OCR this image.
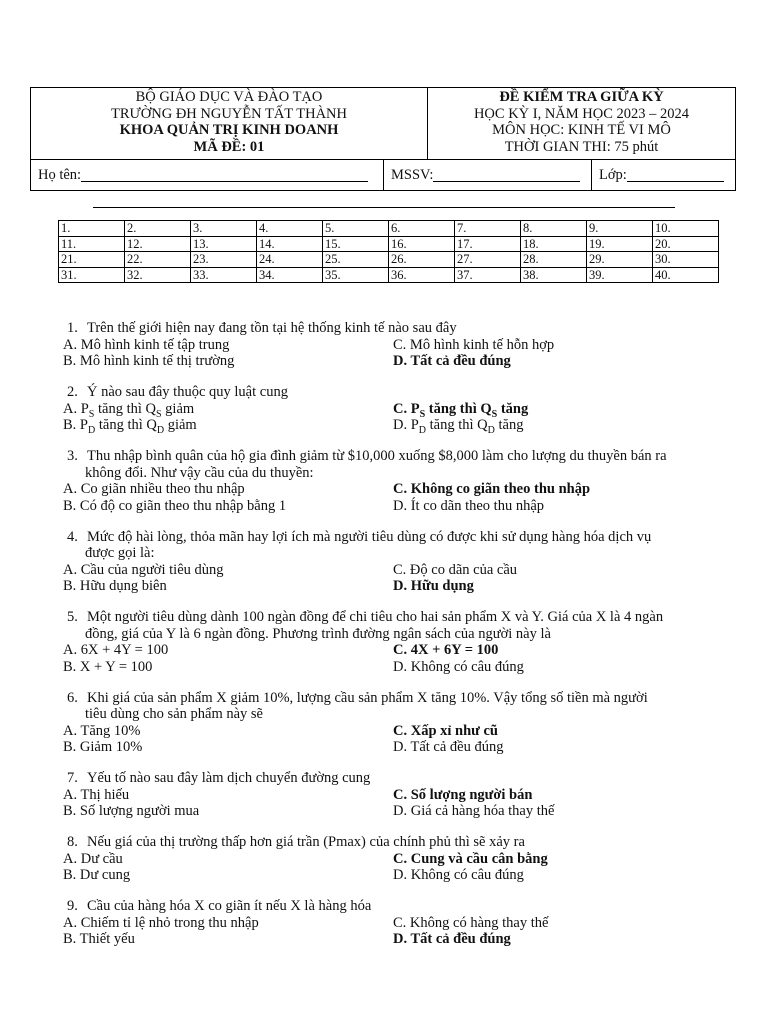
BỘ GIÁO DỤC VÀ ĐÀO TẠO
TRƯỜNG ĐH NGUYỄN TẤT THÀNH
KHOA QUẢN TRỊ KINH DOANH
MÃ ĐỀ: 01
ĐỀ KIỂM TRA GIỮA KỲ
HỌC KỲ I, NĂM HỌC 2023 – 2024
MÔN HỌC: KINH TẾ VI MÔ
THỜI GIAN THI: 75 phút
Họ tên:	MSSV:	Lớp:
1.	2.	3.	4.	5.	6.	7.	8.	9.	10.
11.	12.	13.	14.	15.	16.	17.	18.	19.	20.
21.	22.	23.	24.	25.	26.	27.	28.	29.	30.
31.	32.	33.	34.	35.	36.	37.	38.	39.	40.
1. Trên thế giới hiện nay đang tồn tại hệ thống kinh tế nào sau đây
A. Mô hình kinh tế tập trung	C. Mô hình kinh tế hỗn hợp
B. Mô hình kinh tế thị trường	D. Tất cả đều đúng
2. Ý nào sau đây thuộc quy luật cung
A. $P_S$ tăng thì $Q_S$ giảm	C. $P_S$ tăng thì $Q_S$ tăng
B. $P_D$ tăng thì $Q_D$ giảm	D. $P_D$ tăng thì $Q_D$ tăng
3. Thu nhập bình quân của hộ gia đình giảm từ $10,000 xuống $8,000 làm cho lượng du thuyền bán ra
không đổi. Như vậy cầu của du thuyền:
A. Co giãn nhiều theo thu nhập	C. Không co giãn theo thu nhập
B. Có độ co giãn theo thu nhập bằng 1	D. Ít co dãn theo thu nhập
4. Mức độ hài lòng, thỏa mãn hay lợi ích mà người tiêu dùng có được khi sử dụng hàng hóa dịch vụ
được gọi là:
A. Cầu của người tiêu dùng	C. Độ co dãn của cầu
B. Hữu dụng biên	D. Hữu dụng
5. Một người tiêu dùng dành 100 ngàn đồng để chi tiêu cho hai sản phẩm X và Y. Giá của X là 4 ngàn
đồng, giá của Y là 6 ngàn đồng. Phương trình đường ngân sách của người này là
A. 6X + 4Y = 100	C. 4X + 6Y = 100
B. X + Y = 100	D. Không có câu đúng
6. Khi giá của sản phẩm X giảm 10%, lượng cầu sản phẩm X tăng 10%. Vậy tổng số tiền mà người
tiêu dùng cho sản phẩm này sẽ
A. Tăng 10%	C. Xấp xỉ như cũ
B. Giảm 10%	D. Tất cả đều đúng
7. Yếu tố nào sau đây làm dịch chuyển đường cung
A. Thị hiếu	C. Số lượng người bán
B. Số lượng người mua	D. Giá cả hàng hóa thay thế
8. Nếu giá của thị trường thấp hơn giá trần (Pmax) của chính phủ thì sẽ xảy ra
A. Dư cầu	C. Cung và cầu cân bằng
B. Dư cung	D. Không có câu đúng
9. Cầu của hàng hóa X co giãn ít nếu X là hàng hóa
A. Chiếm tỉ lệ nhỏ trong thu nhập	C. Không có hàng thay thế
B. Thiết yếu	D. Tất cả đều đúng
